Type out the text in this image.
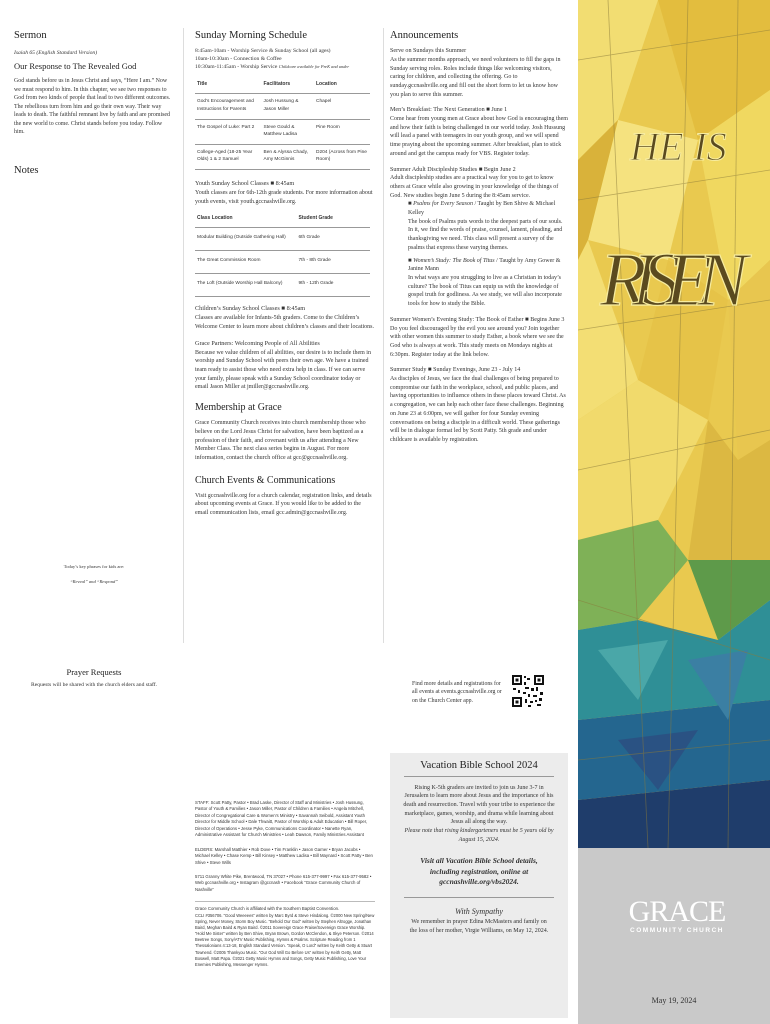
Sermon
Isaiah 65 (English Standard Version)
Our Response to The Revealed God
God stands before us in Jesus Christ and says, “Here I am.” Now we must respond to him. In this chapter, we see two responses to God from two kinds of people that lead to two different outcomes. The rebellious turn from him and go their own way. Their way leads to death. The faithful remnant live by faith and are promised the new world to come. Christ stands before you today. Follow him.
Notes
Today’s key phrases for kids are:
“Reveal” and “Respond”
Prayer Requests
Requests will be shared with the church elders and staff.
Sunday Morning Schedule
8:45am-10am - Worship Service & Sunday School (all ages)
10am-10:30am - Connection & Coffee
10:30am-11:45am - Worship Service Childcare available for PreK and under
Title	Facilitators	Location
God’s Encouragement and Instructions for Parents	Josh Hussung & Jason Miller	Chapel
The Gospel of Luke: Part 2	Steve Gould & Matthew Ladisa	Pine Room
College-Aged (18-25 Year Olds) 1 & 2 Samuel	Ben & Alyssa Chady, Amy McGinnis	D204 (Across from Pine Room)
Youth Sunday School Classes ■ 8:45am
Youth classes are for 6th-12th grade students. For more information about youth events, visit youth.gccnashville.org.
Class Location	Student Grade
Modular Building (Outside Gathering Hall)	6th Grade
The Great Commission Room	7th - 8th Grade
The Loft (Outside Worship Hall Balcony)	9th - 12th Grade
Children’s Sunday School Classes ■ 8:45am
Classes are available for Infants-5th graders. Come to the Children’s Welcome Center to learn more about children’s classes and their locations.
Grace Partners: Welcoming People of All Abilities
Because we value children of all abilities, our desire is to include them in worship and Sunday School with peers their own age. We have a trained team ready to assist those who need extra help in class. If we can serve your family, please speak with a Sunday School coordinator today or email Jason Miller at jmiller@gccnashville.org.
Membership at Grace
Grace Community Church receives into church membership those who believe on the Lord Jesus Christ for salvation, have been baptized as a profession of their faith, and covenant with us after attending a New Member Class. The next class series begins in August. For more information, contact the church office at gcc@gccnashville.org.
Church Events & Communications
Visit gccnashville.org for a church calendar, registration links, and details about upcoming events at Grace. If you would like to be added to the email communication lists, email gcc.admin@gccnashville.org.
Announcements
Serve on Sundays this Summer
As the summer months approach, we need volunteers to fill the gaps in Sunday serving roles. Roles include things like welcoming visitors, caring for children, and collecting the offering. Go to sunday.gccnashville.org and fill out the short form to let us know how you plan to serve this summer.
Men’s Breakfast: The Next Generation ■ June 1
Come hear from young men at Grace about how God is encouraging them and how their faith is being challenged in our world today. Josh Hussung will lead a panel with teenagers in our youth group, and we will spend time praying about the upcoming summer. After breakfast, plan to stick around and get the campus ready for VBS. Register today.
Summer Adult Discipleship Studies ■ Begin June 2
Adult discipleship studies are a practical way for you to get to know others at Grace while also growing in your knowledge of the things of God. New studies begin June 5 during the 8:45am service.
■ Psalms for Every Season / Taught by Ben Shive & Michael Kelley
The book of Psalms puts words to the deepest parts of our souls. In it, we find the words of praise, counsel, lament, pleading, and thanksgiving we need. This class will present a survey of the psalms that express these varying themes.
■ Women’s Study: The Book of Titus / Taught by Amy Gower & Janine Mann
In what ways are you struggling to live as a Christian in today’s culture? The book of Titus can equip us with the knowledge of gospel truth for godliness. As we study, we will also incorporate tools for how to study the Bible.
Summer Women’s Evening Study: The Book of Esther ■ Begins June 3
Do you feel discouraged by the evil you see around you? Join together with other women this summer to study Esther, a book where we see the God who is always at work. This study meets on Mondays nights at 6:30pm. Register today at the link below.
Summer Study ■ Sunday Evenings, June 23 - July 14
As disciples of Jesus, we face the dual challenges of being prepared to compromise our faith in the workplace, school, and public places, and having opportunities to influence others in these places toward Christ. As a congregation, we can help each other face these challenges. Beginning on June 23 at 6:00pm, we will gather for four Sunday evening conversations on being a disciple in a difficult world. These gatherings will be in dialogue format led by Scott Patty. 5th grade and under childcare is available by registration.
Find more details and registrations for all events at events.gccnashville.org or on the Church Center app.
STAFF: Scott Patty, Pastor • Brad Laske, Director of Staff and Ministries • Josh Hussung, Pastor of Youth & Families • Jason Miller, Pastor of Children & Families • Angela Mitchell, Director of Congregational Care & Women’s Ministry • Savannah Seibold, Assistant Youth Director for Middle School • Dale Thwaitt, Pastor of Worship & Adult Education • Bill Roper, Director of Operations • Jesse Pyke, Communications Coordinator • Nanette Ryan, Administrative Assistant for Church Ministries • Leah Dawson, Family Ministries Assistant
ELDERS: Marshall Matthier • Rob Dove • Tim Franklin • Jason Garner • Bryan Jacobs • Michael Kelley • Chase Kemp • Bill Kinsey • Matthew Ladisa • Bill Maynard • Scott Patty • Ben Shive • Steve Wills
5711 Granny White Pike, Brentwood, TN 37027 • Phone 615-377-9997 • Fax 615-377-9582 • Web gccnashville.org • Instagram @gccnash • Facebook “Grace Community Church of Nashville”
Grace Community Church is affiliated with the Southern Baptist Convention.
CCLI #356706. “Good Weeeees” written by Marc Byrd & Steve Hindalong. ©2000 New Spring/New Spring, Never Money, Storm Boy Music. “Behold Our God” written by Stephen Altrogge, Jonathan Baird, Meghan Baird & Ryan Baird. ©2011 Sovereign Grace Praise/Sovereign Grace Worship. “Hold Me Sister” written by Ben Shive, Bryan Brown, Gordon McClendon, & Skye Peterson. ©2014 Beetree Songs, Sony/ATV Music Publishing, Hymns & Psalms. Scripture Reading from 1 Thessalonians 4:13-18, English Standard Version. “Speak, O Lord” written by Keith Getty & Stuart Townend. ©2005 Thankyou Music. “Our God Will Go Before Us” written by Keith Getty, Matt Boswell, Matt Papa. ©2021 Getty Music Hymns and Songs, Getty Music Publishing, Love Your Enemies Publishing, Messenger Hymns.
Vacation Bible School 2024

Rising K-5th graders are invited to join us June 3-7 in Jerusalem to learn more about Jesus and the importance of his death and resurrection. Travel with your tribe to experience the marketplace, games, worship, and drama while learning about Jesus all along the way.

Please note that rising kindergarteners must be 5 years old by August 15, 2024.

Visit all Vacation Bible School details, including registration, online at gccnashville.org/vbs2024.

With Sympathy

We remember in prayer Edina McMasters and family on the loss of her mother, Virgie Williams, on May 12, 2024.

HE IS
RISEN
GRACE
COMMUNITY CHURCH
May 19, 2024
